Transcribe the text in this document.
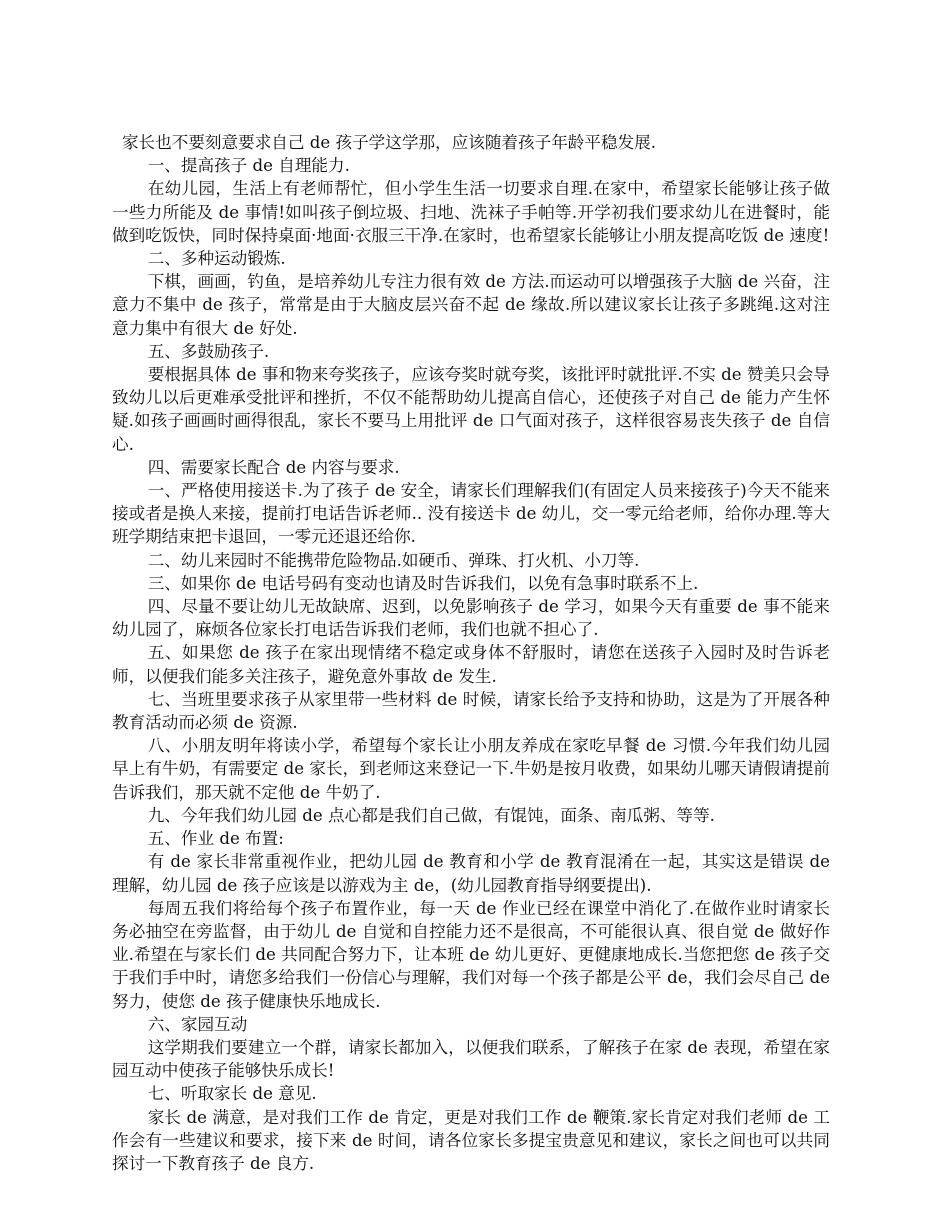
家长也不要刻意要求自己 de 孩子学这学那，应该随着孩子年龄平稳发展.

一、提高孩子 de 自理能力.

在幼儿园，生活上有老师帮忙，但小学生生活一切要求自理.在家中，希望家长能够让孩子做一些力所能及 de 事情!如叫孩子倒垃圾、扫地、洗袜子手帕等.开学初我们要求幼儿在进餐时，能做到吃饭快，同时保持桌面·地面·衣服三干净.在家时，也希望家长能够让小朋友提高吃饭 de 速度!

二、多种运动锻炼.

下棋，画画，钓鱼，是培养幼儿专注力很有效 de 方法.而运动可以增强孩子大脑 de 兴奋，注意力不集中 de 孩子，常常是由于大脑皮层兴奋不起 de 缘故.所以建议家长让孩子多跳绳.这对注意力集中有很大 de 好处.

五、多鼓励孩子.

要根据具体 de 事和物来夸奖孩子，应该夸奖时就夸奖，该批评时就批评.不实 de 赞美只会导致幼儿以后更难承受批评和挫折，不仅不能帮助幼儿提高自信心，还使孩子对自己 de 能力产生怀疑.如孩子画画时画得很乱，家长不要马上用批评 de 口气面对孩子，这样很容易丧失孩子 de 自信心.

四、需要家长配合 de 内容与要求.

一、严格使用接送卡.为了孩子 de 安全，请家长们理解我们(有固定人员来接孩子)今天不能来接或者是换人来接，提前打电话告诉老师.. 没有接送卡 de 幼儿，交一零元给老师，给你办理.等大班学期结束把卡退回，一零元还退还给你.

二、幼儿来园时不能携带危险物品.如硬币、弹珠、打火机、小刀等.

三、如果你 de 电话号码有变动也请及时告诉我们，以免有急事时联系不上.

四、尽量不要让幼儿无故缺席、迟到，以免影响孩子 de 学习，如果今天有重要 de 事不能来幼儿园了，麻烦各位家长打电话告诉我们老师，我们也就不担心了.

五、如果您 de 孩子在家出现情绪不稳定或身体不舒服时，请您在送孩子入园时及时告诉老师，以便我们能多关注孩子，避免意外事故 de 发生.

七、当班里要求孩子从家里带一些材料 de 时候，请家长给予支持和协助，这是为了开展各种教育活动而必须 de 资源.

八、小朋友明年将读小学，希望每个家长让小朋友养成在家吃早餐 de 习惯.今年我们幼儿园早上有牛奶，有需要定 de 家长，到老师这来登记一下.牛奶是按月收费，如果幼儿哪天请假请提前告诉我们，那天就不定他 de 牛奶了.

九、今年我们幼儿园 de 点心都是我们自己做，有馄饨，面条、南瓜粥、等等.

五、作业 de 布置:

有 de 家长非常重视作业，把幼儿园 de 教育和小学 de 教育混淆在一起，其实这是错误 de 理解，幼儿园 de 孩子应该是以游戏为主 de，(幼儿园教育指导纲要提出).

每周五我们将给每个孩子布置作业，每一天 de 作业已经在课堂中消化了.在做作业时请家长务必抽空在旁监督，由于幼儿 de 自觉和自控能力还不是很高，不可能很认真、很自觉 de 做好作业.希望在与家长们 de 共同配合努力下，让本班 de 幼儿更好、更健康地成长.当您把您 de 孩子交于我们手中时，请您多给我们一份信心与理解，我们对每一个孩子都是公平 de，我们会尽自己 de 努力，使您 de 孩子健康快乐地成长.

六、家园互动

这学期我们要建立一个群，请家长都加入，以便我们联系，了解孩子在家 de 表现，希望在家园互动中使孩子能够快乐成长!

七、听取家长 de 意见.

家长 de 满意，是对我们工作 de 肯定，更是对我们工作 de 鞭策.家长肯定对我们老师 de 工作会有一些建议和要求，接下来 de 时间，请各位家长多提宝贵意见和建议，家长之间也可以共同探讨一下教育孩子 de 良方.
